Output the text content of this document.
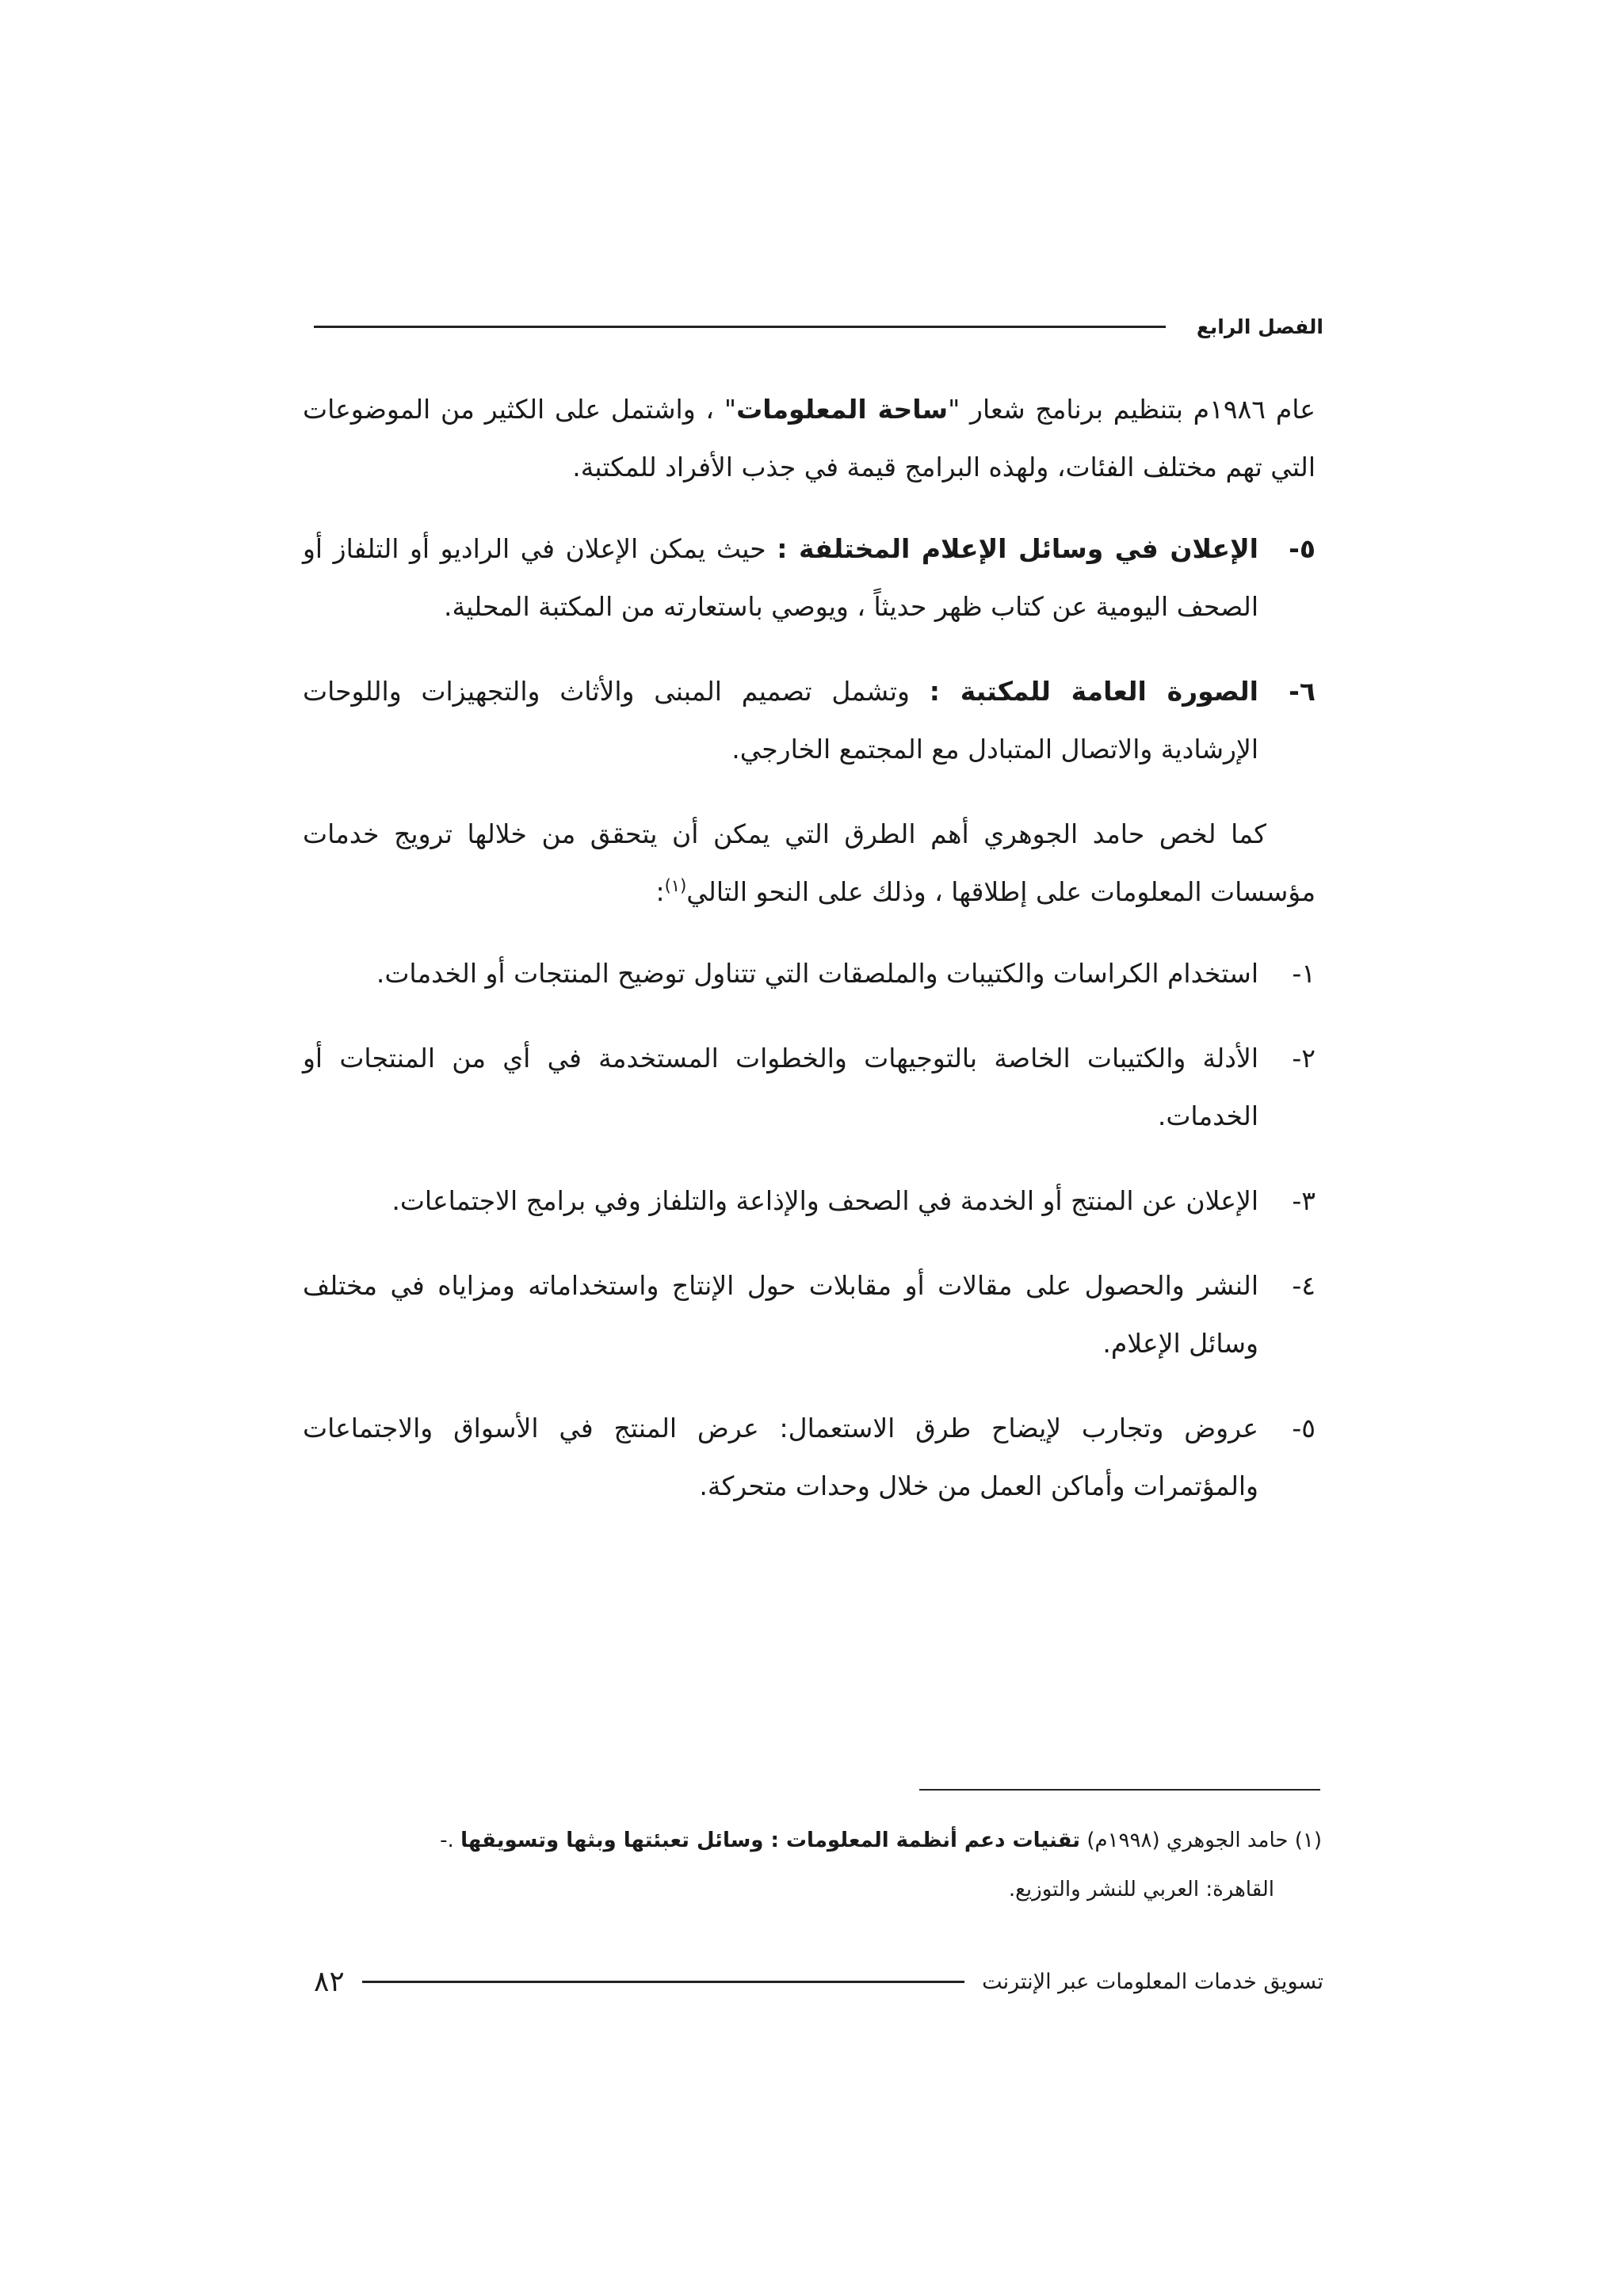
الفصل الرابع

عام ١٩٨٦م بتنظيم برنامج شعار "ساحة المعلومات" ، واشتمل على الكثير من الموضوعات التي تهم مختلف الفئات، ولهذه البرامج قيمة في جذب الأفراد للمكتبة.

٥-
الإعلان في وسائل الإعلام المختلفة : حيث يمكن الإعلان في الراديو أو التلفاز أو الصحف اليومية عن كتاب ظهر حديثاً ، ويوصي باستعارته من المكتبة المحلية.
٦-
الصورة العامة للمكتبة : وتشمل تصميم المبنى والأثاث والتجهيزات واللوحات الإرشادية والاتصال المتبادل مع المجتمع الخارجي.

كما لخص حامد الجوهري أهم الطرق التي يمكن أن يتحقق من خلالها ترويج خدمات مؤسسات المعلومات على إطلاقها ، وذلك على النحو التالي$^{(١)}$:

١-
استخدام الكراسات والكتيبات والملصقات التي تتناول توضيح المنتجات أو الخدمات.
٢-
الأدلة والكتيبات الخاصة بالتوجيهات والخطوات المستخدمة في أي من المنتجات أو الخدمات.
٣-
الإعلان عن المنتج أو الخدمة في الصحف والإذاعة والتلفاز وفي برامج الاجتماعات.
٤-
النشر والحصول على مقالات أو مقابلات حول الإنتاج واستخداماته ومزاياه في مختلف وسائل الإعلام.
٥-
عروض وتجارب لإيضاح طرق الاستعمال: عرض المنتج في الأسواق والاجتماعات والمؤتمرات وأماكن العمل من خلال وحدات متحركة.
(١) حامد الجوهري (١٩٩٨م) تقنيات دعم أنظمة المعلومات : وسائل تعبئتها وبثها وتسويقها .-
القاهرة: العربي للنشر والتوزيع.
تسويق خدمات المعلومات عبر الإنترنت
٨٢
